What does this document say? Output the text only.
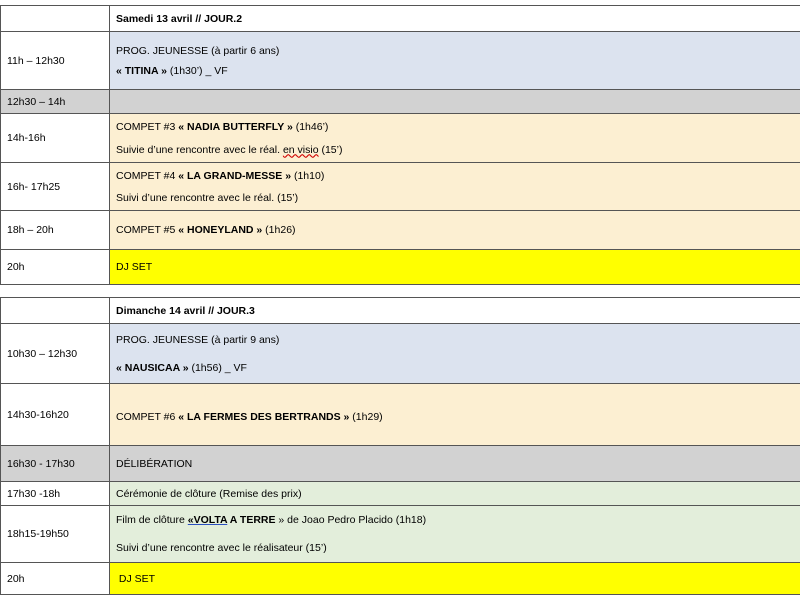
	Samedi 13 avril // JOUR.2
11h – 12h30	PROG. JEUNESSE (à partir 6 ans)
« TITINA » (1h30’) _ VF

12h30 – 14h	
14h-16h	COMPET #3 « NADIA BUTTERFLY » (1h46’)
Suivie d’une rencontre avec le réal. en visio (15’)

16h- 17h25	COMPET #4 « LA GRAND-MESSE » (1h10)
Suivi d’une rencontre avec le réal. (15’)

18h – 20h	COMPET #5 « HONEYLAND » (1h26)

20h	DJ SET
	Dimanche 14 avril // JOUR.3
10h30 – 12h30	PROG. JEUNESSE (à partir 9 ans)
« NAUSICAA » (1h56) _ VF

14h30-16h20	COMPET #6 « LA FERMES DES BERTRANDS » (1h29)

16h30 - 17h30	DÉLIBÉRATION
17h30 -18h	Cérémonie de clôture (Remise des prix)
18h15-19h50	Film de clôture «VOLTA A TERRE » de Joao Pedro Placido (1h18)
Suivi d’une rencontre avec le réalisateur (15’)

20h	DJ SET
